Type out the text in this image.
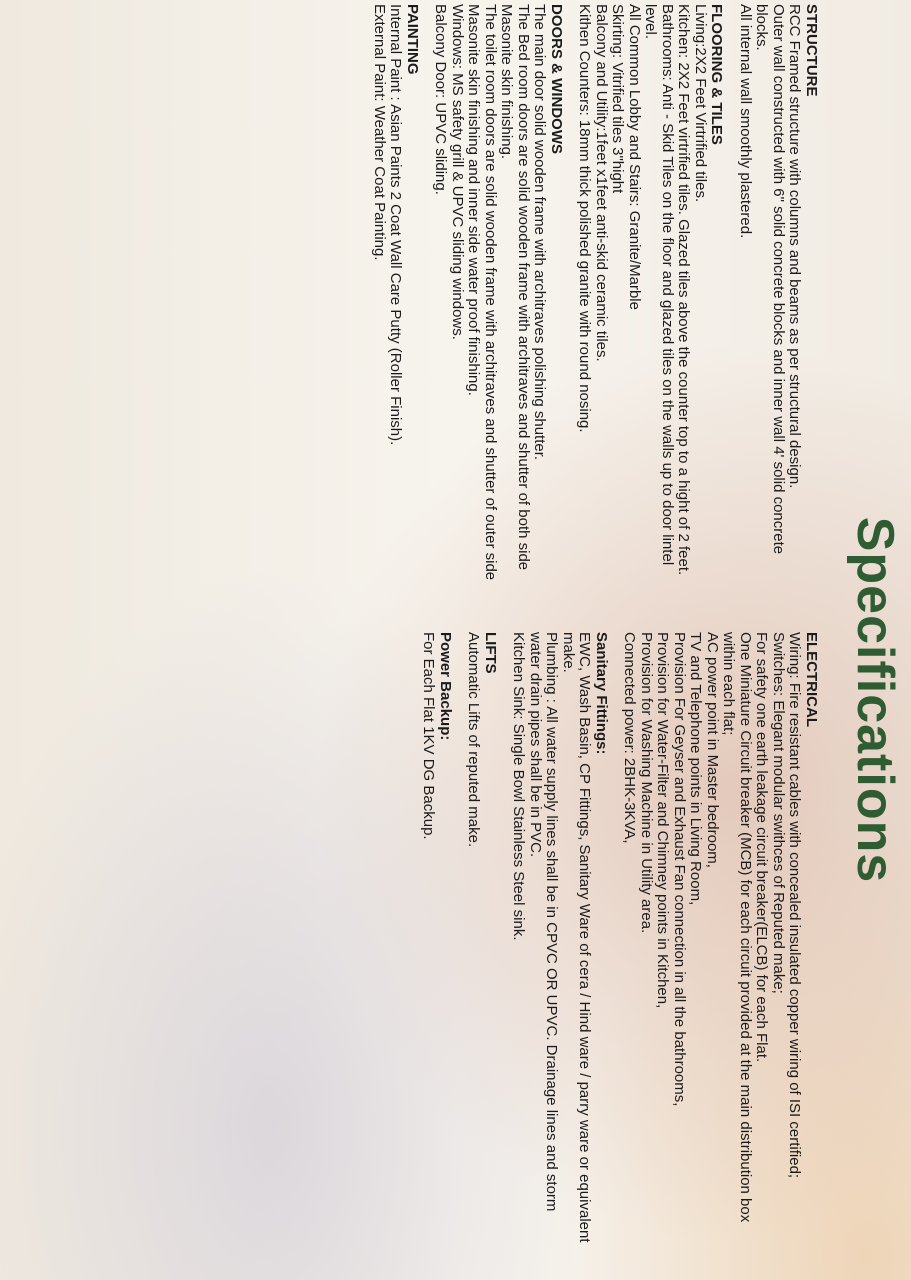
Specifications
STRUCTURE
RCC Framed structure with columns and beams as per structural design.
Outer wall constructed with 6" solid concrete blocks and inner wall 4' solid concrete blocks.
All internal wall smoothly plastered.
FLOORING & TILES
Living:2X2 Feet Virtrified tiles.
Kitchen: 2X2 Feet virtrified tiles. Glazed tiles above the counter top to a hight of 2 feet.
Bathrooms: Anti - Skid Tiles on the floor and glazed tiles on the walls up to door lintel level.
All Common Lobby and Stairs: Granite/Marble
Skirting: Vitrified tiles 3"hight
Balcony and Utility:1feet x1feet anti-skid ceramic tiles.
Kithen Counters: 18mm thick polished granite with round nosing.
DOORS & WINDOWS
The main door solid wooden frame with architraves polishing shutter.
The Bed room doors are solid wooden frame with architraves and shutter of both side Masonite skin finishing.
The toilet room doors are solid wooden frame with architraves and shutter of outer side Masonite skin finishing and inner side water proof finishing.
Windows: MS safety grill & UPVC sliding windows.
Balcony Door: UPVC sliding.
PAINTING
Internal Paint : Asian Paints 2 Coat Wall Care Putty (Roller Finish).
External Paint: Weather Coat Painting.
ELECTRICAL
Wiring: Fire resistant cables with concealed insulated copper wiring of ISI certified;
Switches: Elegant modular swithces of Reputed make;
For safety one earth leakage circuit breaker(ELCB) for each Flat.
One Miniature Circuit breaker (MCB) for each circuit provided at the main distribution box within each flat;
AC power point in Master bedroom,
TV and Telephone points in Living Room,
Provision For Geyser and Exhaust Fan connection in all the bathrooms,
Provision for Water-Filter and Chimney points in Kitchen,
Provision for Washing Machine in Utility area.
Connected power: 2BHK-3KVA,
Sanitary Fittings:
EWC, Wash Basin, CP Fittings, Sanitary Ware of cera / Hind ware / parry ware or equivalent make.
Plumbing : All water supply lines shall be in CPVC OR UPVC. Drainage lines and storm water drain pipes shall be in PVC.
Kitchen Sink: Single Bowl Stainless Steel sink.
LIFTS
Automatic Lifts of reputed make.
Power Backup:
For Each Flat 1KV DG Backup.
